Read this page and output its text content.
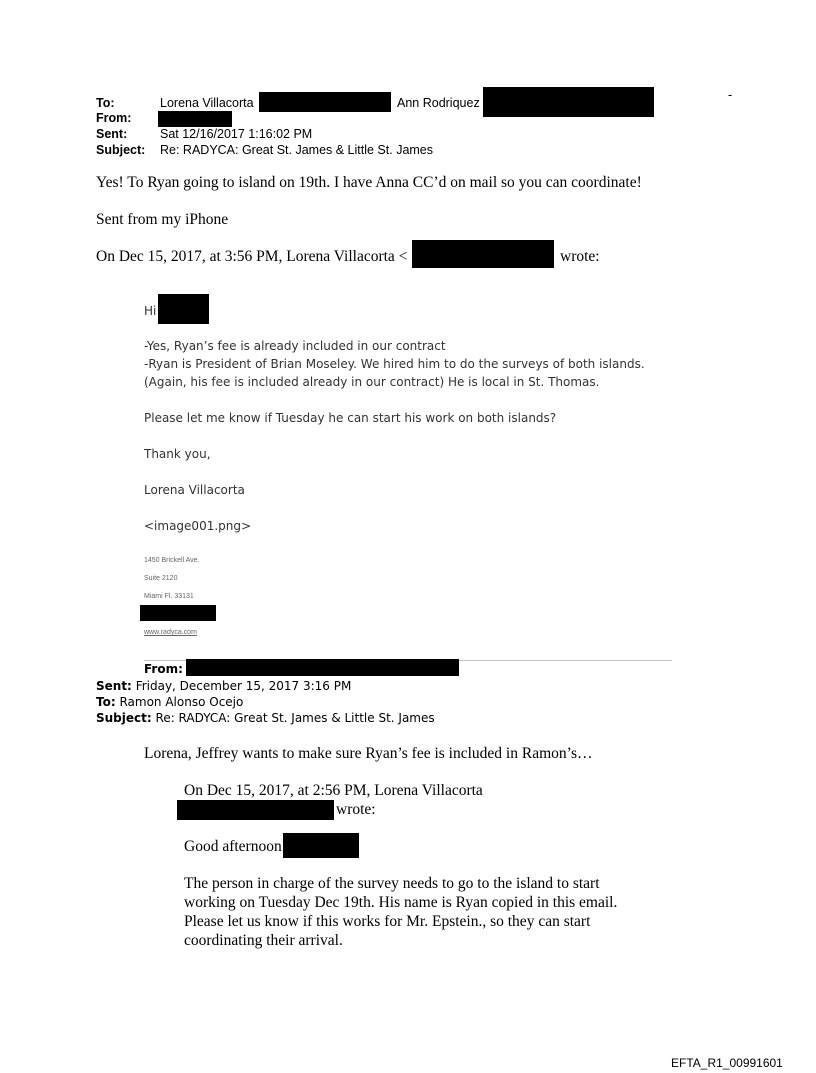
To:	Lorena Villacorta	Ann Rodriquez
-
From:
Sent:	Sat 12/16/2017 1:16:02 PM
Subject: Re: RADYCA: Great St. James & Little St. James
Yes! To Ryan going to island on 19th. I have Anna CC’d on mail so you can coordinate!
Sent from my iPhone
On Dec 15, 2017, at 3:56 PM, Lorena Villacorta <	wrote:
Hi
-Yes, Ryan’s fee is already included in our contract
-Ryan is President of Brian Moseley. We hired him to do the surveys of both islands.
(Again, his fee is included already in our contract) He is local in St. Thomas.
Please let me know if Tuesday he can start his work on both islands?
Thank you,
Lorena Villacorta
<image001.png>
1450 Brickell Ave.
Suite 2120
Miami Fl. 33131
www.radyca.com
From:
Sent: Friday, December 15, 2017 3:16 PM
To: Ramon Alonso Ocejo
Subject: Re: RADYCA: Great St. James & Little St. James
Lorena, Jeffrey wants to make sure Ryan’s fee is included in Ramon’s…
On Dec 15, 2017, at 2:56 PM, Lorena Villacorta
wrote:
Good afternoon
The person in charge of the survey needs to go to the island to start
working on Tuesday Dec 19th. His name is Ryan copied in this email.
Please let us know if this works for Mr. Epstein., so they can start
coordinating their arrival.
EFTA_R1_00991601
